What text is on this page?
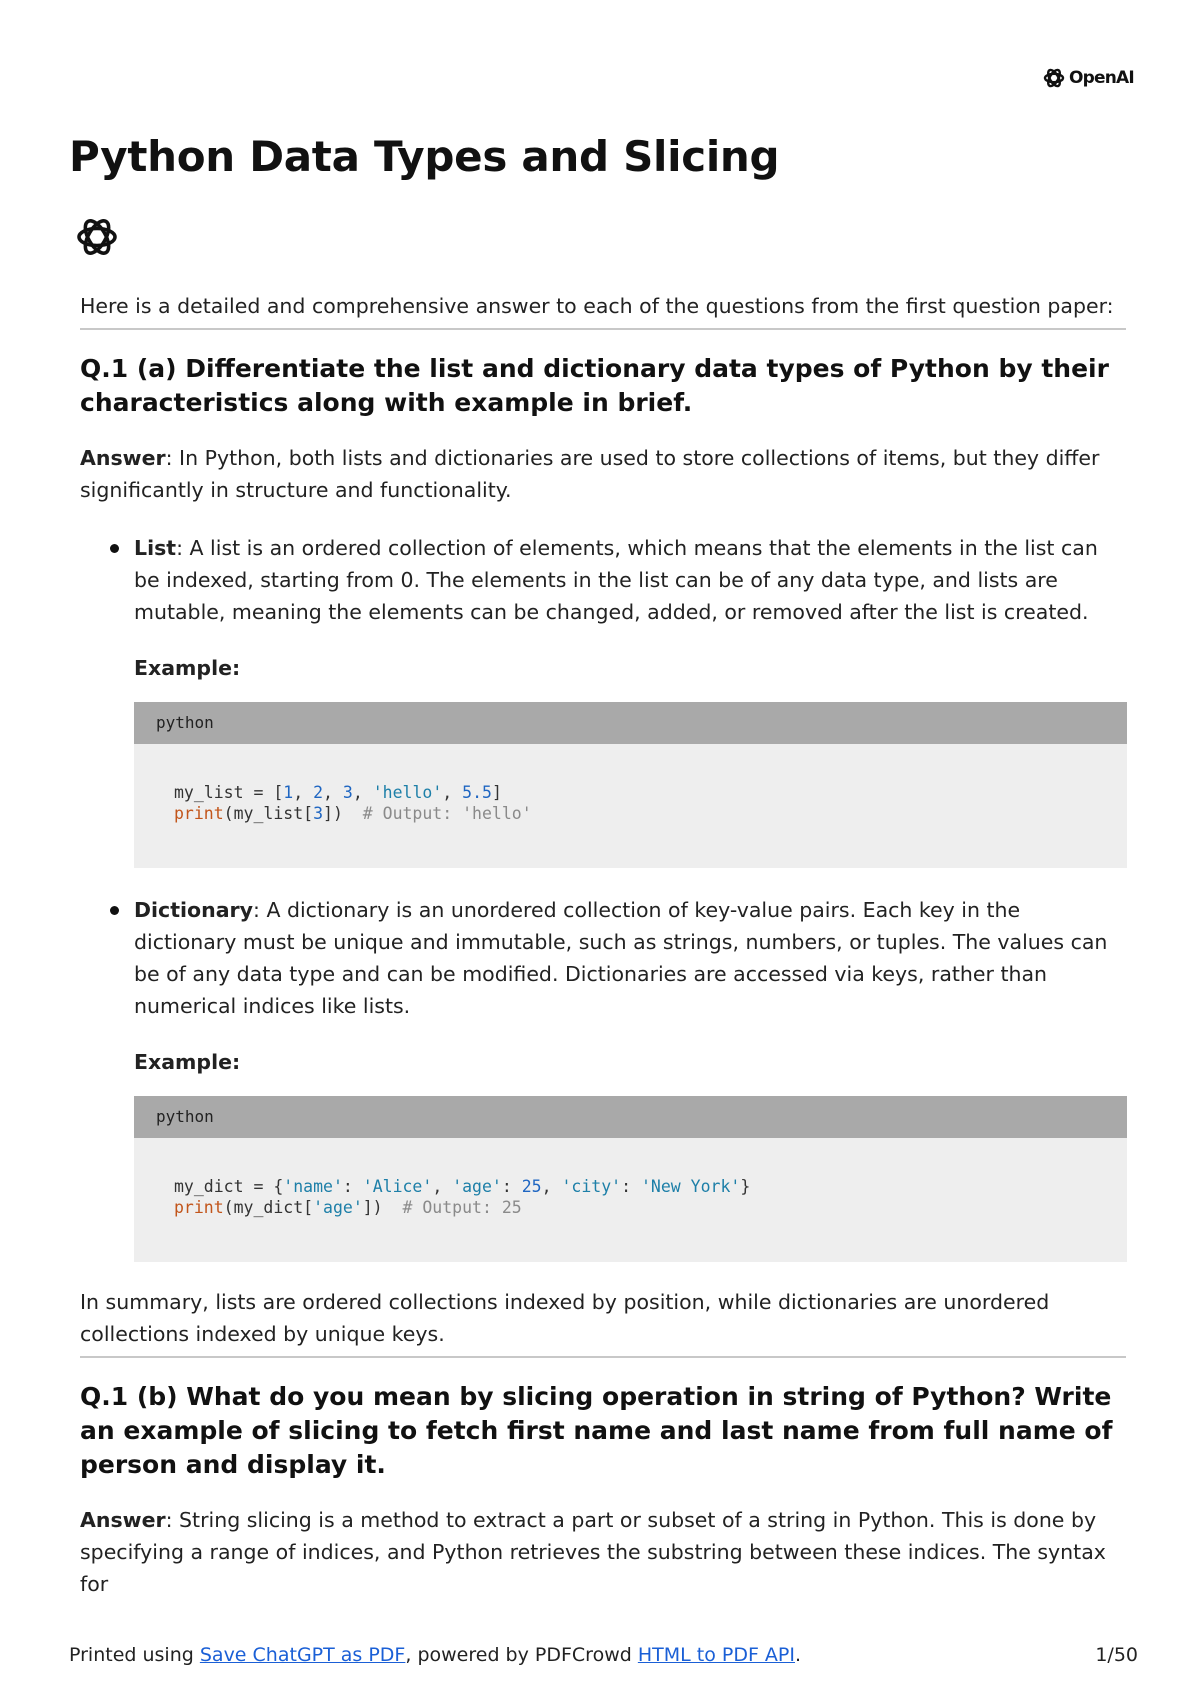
OpenAI
Python Data Types and Slicing

Here is a detailed and comprehensive answer to each of the questions from the first question paper:

Q.1 (a) Differentiate the list and dictionary data types of Python by their characteristics along with example in brief.

Answer: In Python, both lists and dictionaries are used to store collections of items, but they differ significantly in structure and functionality.

List: A list is an ordered collection of elements, which means that the elements in the list can be indexed, starting from 0. The elements in the list can be of any data type, and lists are mutable, meaning the elements can be changed, added, or removed after the list is created.

Example:

python
my_list = [1, 2, 3, 'hello', 5.5]
print(my_list[3])  # Output: 'hello'

Dictionary: A dictionary is an unordered collection of key-value pairs. Each key in the dictionary must be unique and immutable, such as strings, numbers, or tuples. The values can be of any data type and can be modified. Dictionaries are accessed via keys, rather than numerical indices like lists.

Example:

python
my_dict = {'name': 'Alice', 'age': 25, 'city': 'New York'}
print(my_dict['age'])  # Output: 25

In summary, lists are ordered collections indexed by position, while dictionaries are unordered collections indexed by unique keys.

Q.1 (b) What do you mean by slicing operation in string of Python? Write an example of slicing to fetch first name and last name from full name of person and display it.

Answer: String slicing is a method to extract a part or subset of a string in Python. This is done by specifying a range of indices, and Python retrieves the substring between these indices. The syntax for

Printed using Save ChatGPT as PDF, powered by PDFCrowd HTML to PDF API.	1/50
